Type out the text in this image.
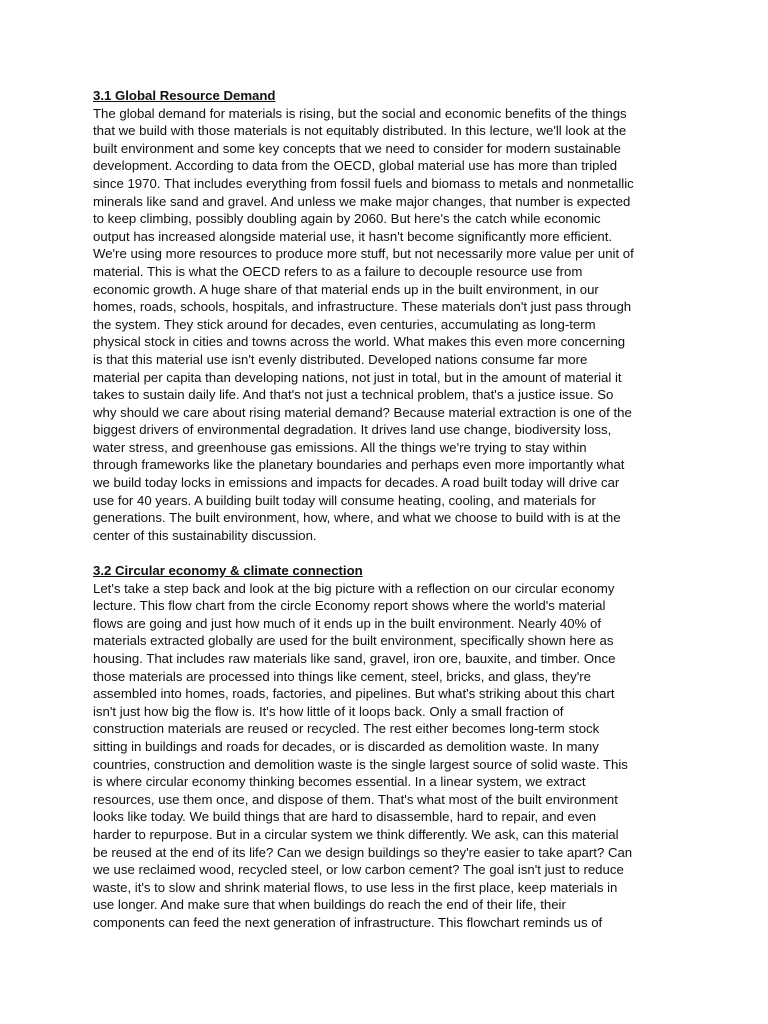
3.1 Global Resource Demand

The global demand for materials is rising, but the social and economic benefits of the things
that we build with those materials is not equitably distributed. In this lecture, we'll look at the
built environment and some key concepts that we need to consider for modern sustainable
development. According to data from the OECD, global material use has more than tripled
since 1970. That includes everything from fossil fuels and biomass to metals and nonmetallic
minerals like sand and gravel. And unless we make major changes, that number is expected
to keep climbing, possibly doubling again by 2060. But here's the catch while economic
output has increased alongside material use, it hasn't become significantly more efficient.
We're using more resources to produce more stuff, but not necessarily more value per unit of
material. This is what the OECD refers to as a failure to decouple resource use from
economic growth. A huge share of that material ends up in the built environment, in our
homes, roads, schools, hospitals, and infrastructure. These materials don't just pass through
the system. They stick around for decades, even centuries, accumulating as long-term
physical stock in cities and towns across the world. What makes this even more concerning
is that this material use isn't evenly distributed. Developed nations consume far more
material per capita than developing nations, not just in total, but in the amount of material it
takes to sustain daily life. And that's not just a technical problem, that's a justice issue. So
why should we care about rising material demand? Because material extraction is one of the
biggest drivers of environmental degradation. It drives land use change, biodiversity loss,
water stress, and greenhouse gas emissions. All the things we're trying to stay within
through frameworks like the planetary boundaries and perhaps even more importantly what
we build today locks in emissions and impacts for decades. A road built today will drive car
use for 40 years. A building built today will consume heating, cooling, and materials for
generations. The built environment, how, where, and what we choose to build with is at the
center of this sustainability discussion.

3.2 Circular economy & climate connection

Let's take a step back and look at the big picture with a reflection on our circular economy
lecture. This flow chart from the circle Economy report shows where the world's material
flows are going and just how much of it ends up in the built environment. Nearly 40% of
materials extracted globally are used for the built environment, specifically shown here as
housing. That includes raw materials like sand, gravel, iron ore, bauxite, and timber. Once
those materials are processed into things like cement, steel, bricks, and glass, they're
assembled into homes, roads, factories, and pipelines. But what's striking about this chart
isn't just how big the flow is. It's how little of it loops back. Only a small fraction of
construction materials are reused or recycled. The rest either becomes long-term stock
sitting in buildings and roads for decades, or is discarded as demolition waste. In many
countries, construction and demolition waste is the single largest source of solid waste. This
is where circular economy thinking becomes essential. In a linear system, we extract
resources, use them once, and dispose of them. That's what most of the built environment
looks like today. We build things that are hard to disassemble, hard to repair, and even
harder to repurpose. But in a circular system we think differently. We ask, can this material
be reused at the end of its life? Can we design buildings so they're easier to take apart? Can
we use reclaimed wood, recycled steel, or low carbon cement? The goal isn't just to reduce
waste, it's to slow and shrink material flows, to use less in the first place, keep materials in
use longer. And make sure that when buildings do reach the end of their life, their
components can feed the next generation of infrastructure. This flowchart reminds us of
